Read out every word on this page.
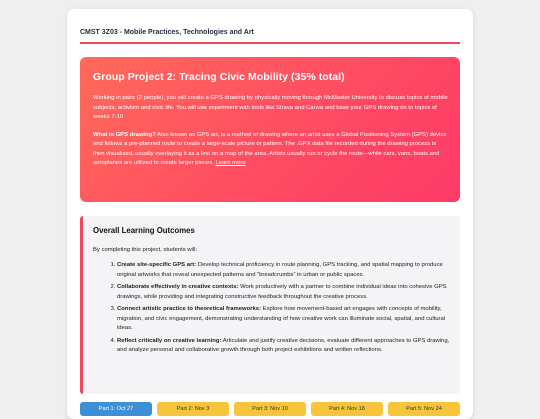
CMST 3Z03 - Mobile Practices, Technologies and Art
Group Project 2: Tracing Civic Mobility (35% total)

Working in pairs (2 people), you will create a GPS drawing by physically moving through McMaster University to discuss topics of mobile subjects, activism and civic life. You will use experiment with tools like Strava and Canva and base your GPS drawing on to topics of weeks 7-10

What is GPS drawing? Also known as GPS art, is a method of drawing where an artist uses a Global Positioning System (GPS) device and follows a pre-planned route to create a large-scale picture or pattern. The .GPX data file recorded during the drawing process is then visualised, usually overlaying it as a line on a map of the area. Artists usually run or cycle the route—while cars, vans, boats and aeroplanes are utilized to create larger pieces. Learn more

Overall Learning Outcomes
By completing this project, students will:
1. Create site-specific GPS art: Develop technical proficiency in route planning, GPS tracking, and spatial mapping to produce original artworks that reveal unexpected patterns and “breadcrumbs” in urban or public spaces.
2. Collaborate effectively in creative contexts: Work productively with a partner to combine individual ideas into cohesive GPS drawings, while providing and integrating constructive feedback throughout the creative process.
3. Connect artistic practice to theoretical frameworks: Explore how movement-based art engages with concepts of mobility, migration, and civic engagement, demonstrating understanding of how creative work can illuminate social, spatial, and cultural ideas.
4. Reflect critically on creative learning: Articulate and justify creative decisions, evaluate different approaches to GPS drawing, and analyze personal and collaborative growth through both project exhibitions and written reflections.
Part 1: Oct 27	Part 2: Nov 3	Part 3: Nov 10	Part 4: Nov 18	Part 5: Nov 24
